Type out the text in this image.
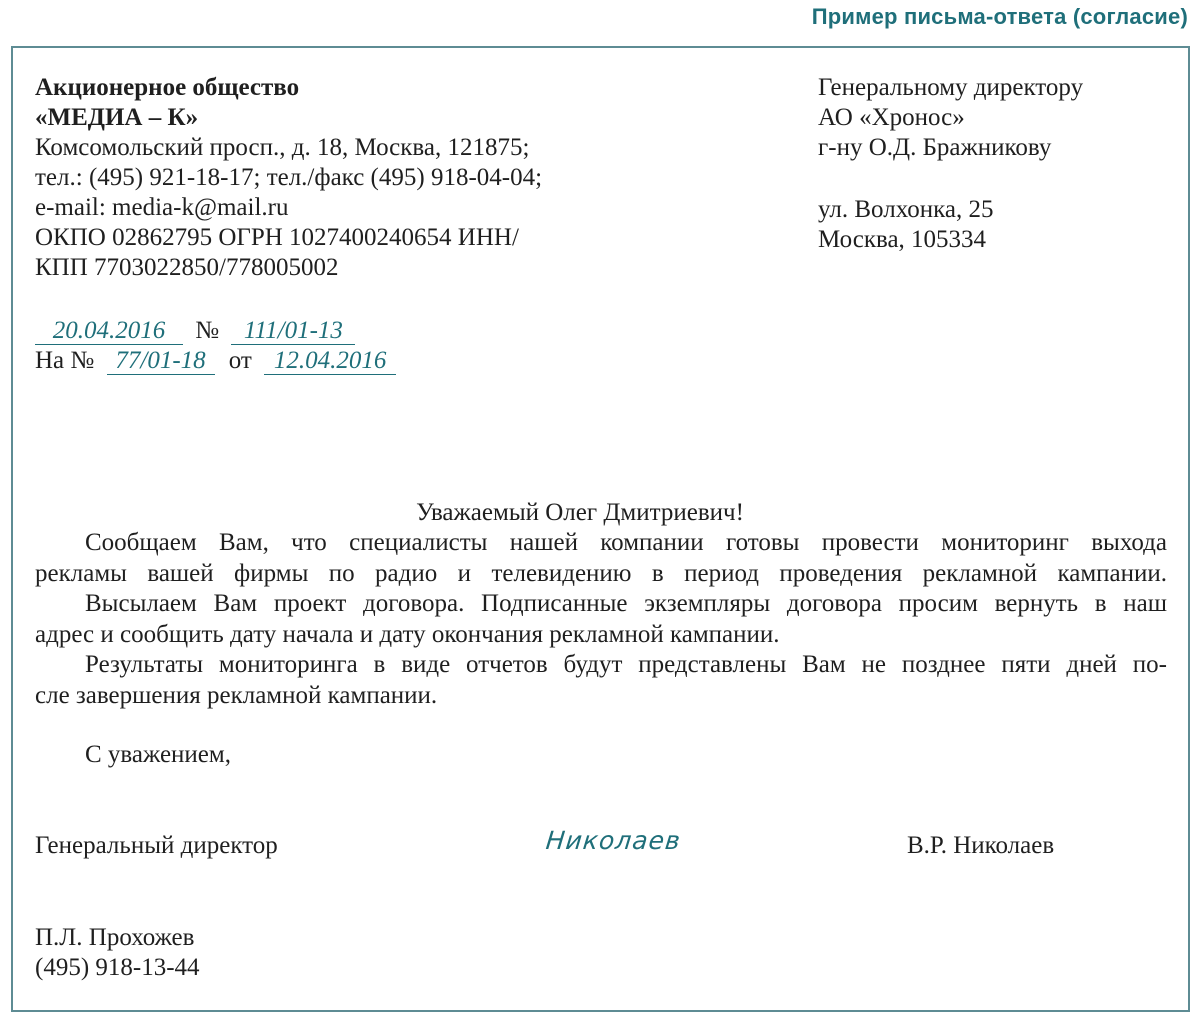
Пример письма-ответа (согласие)
Акционерное общество
«МЕДИА – К»
Комсомольский просп., д. 18, Москва, 121875;
тел.: (495) 921-18-17; тел./факс (495) 918-04-04;
e-mail: media-k@mail.ru
ОКПО 02862795 ОГРН 1027400240654 ИНН/
КПП 7703022850/778005002
Генеральному директору
АО «Хронос»
г-ну О.Д. Бражникову
ул. Волхонка, 25
Москва, 105334
20.04.2016 № 111/01-13
На № 77/01-18 от 12.04.2016
Уважаемый Олег Дмитриевич!

Сообщаем Вам, что специалисты нашей компании готовы провести мониторинг выхода
рекламы вашей фирмы по радио и телевидению в период проведения рекламной кампании.

Высылаем Вам проект договора. Подписанные экземпляры договора просим вернуть в наш
адрес и сообщить дату начала и дату окончания рекламной кампании.

Результаты мониторинга в виде отчетов будут представлены Вам не позднее пяти дней по-
сле завершения рекламной кампании.

С уважением,
Генеральный директор	Николаев	В.Р. Николаев
П.Л. Прохожев
(495) 918-13-44
